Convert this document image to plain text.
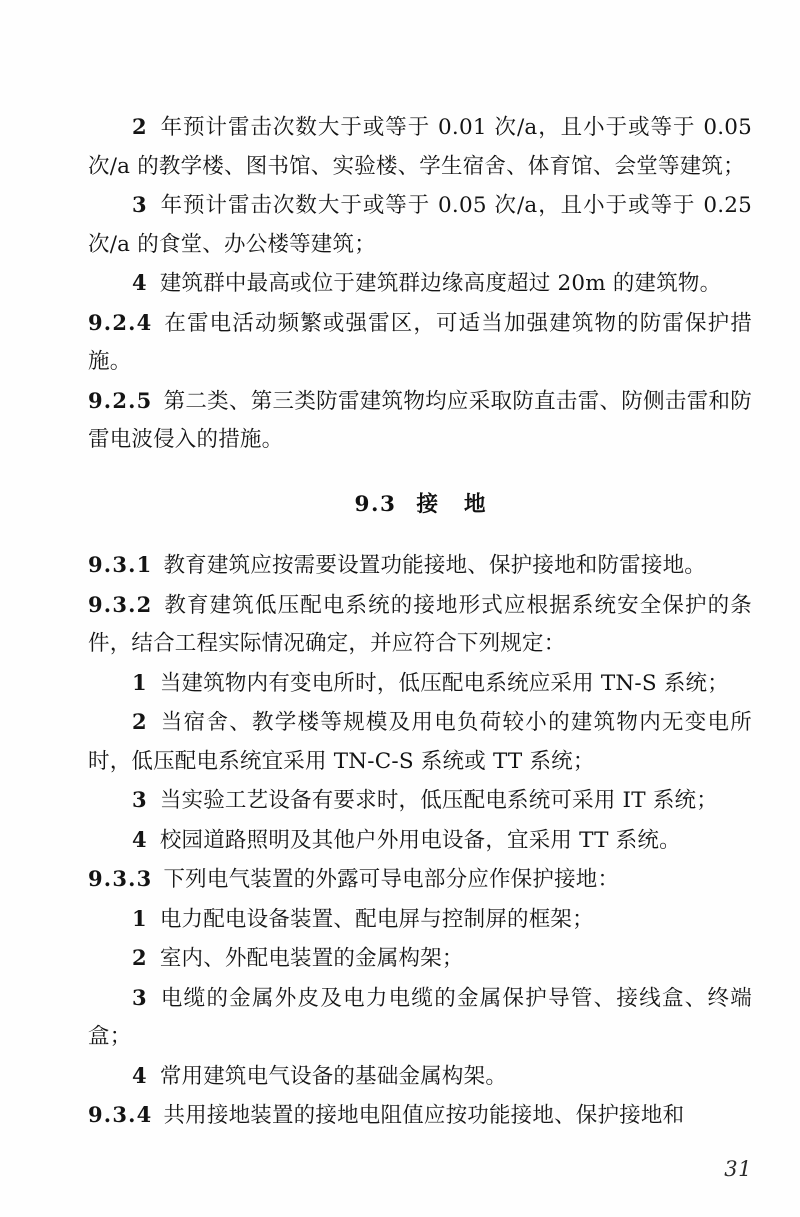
2 年预计雷击次数大于或等于 0.01 次/a，且小于或等于 0.05 次/a 的教学楼、图书馆、实验楼、学生宿舍、体育馆、会堂等建筑；

3 年预计雷击次数大于或等于 0.05 次/a，且小于或等于 0.25 次/a 的食堂、办公楼等建筑；

4 建筑群中最高或位于建筑群边缘高度超过 20m 的建筑物。

9.2.4 在雷电活动频繁或强雷区，可适当加强建筑物的防雷保护措施。

9.2.5 第二类、第三类防雷建筑物均应采取防直击雷、防侧击雷和防雷电波侵入的措施。

9.3 接地

9.3.1 教育建筑应按需要设置功能接地、保护接地和防雷接地。

9.3.2 教育建筑低压配电系统的接地形式应根据系统安全保护的条件，结合工程实际情况确定，并应符合下列规定：

1 当建筑物内有变电所时，低压配电系统应采用 TN-S 系统；

2 当宿舍、教学楼等规模及用电负荷较小的建筑物内无变电所时，低压配电系统宜采用 TN-C-S 系统或 TT 系统；

3 当实验工艺设备有要求时，低压配电系统可采用 IT 系统；

4 校园道路照明及其他户外用电设备，宜采用 TT 系统。

9.3.3 下列电气装置的外露可导电部分应作保护接地：

1 电力配电设备装置、配电屏与控制屏的框架；

2 室内、外配电装置的金属构架；

3 电缆的金属外皮及电力电缆的金属保护导管、接线盒、终端盒；

4 常用建筑电气设备的基础金属构架。

9.3.4 共用接地装置的接地电阻值应按功能接地、保护接地和

31
